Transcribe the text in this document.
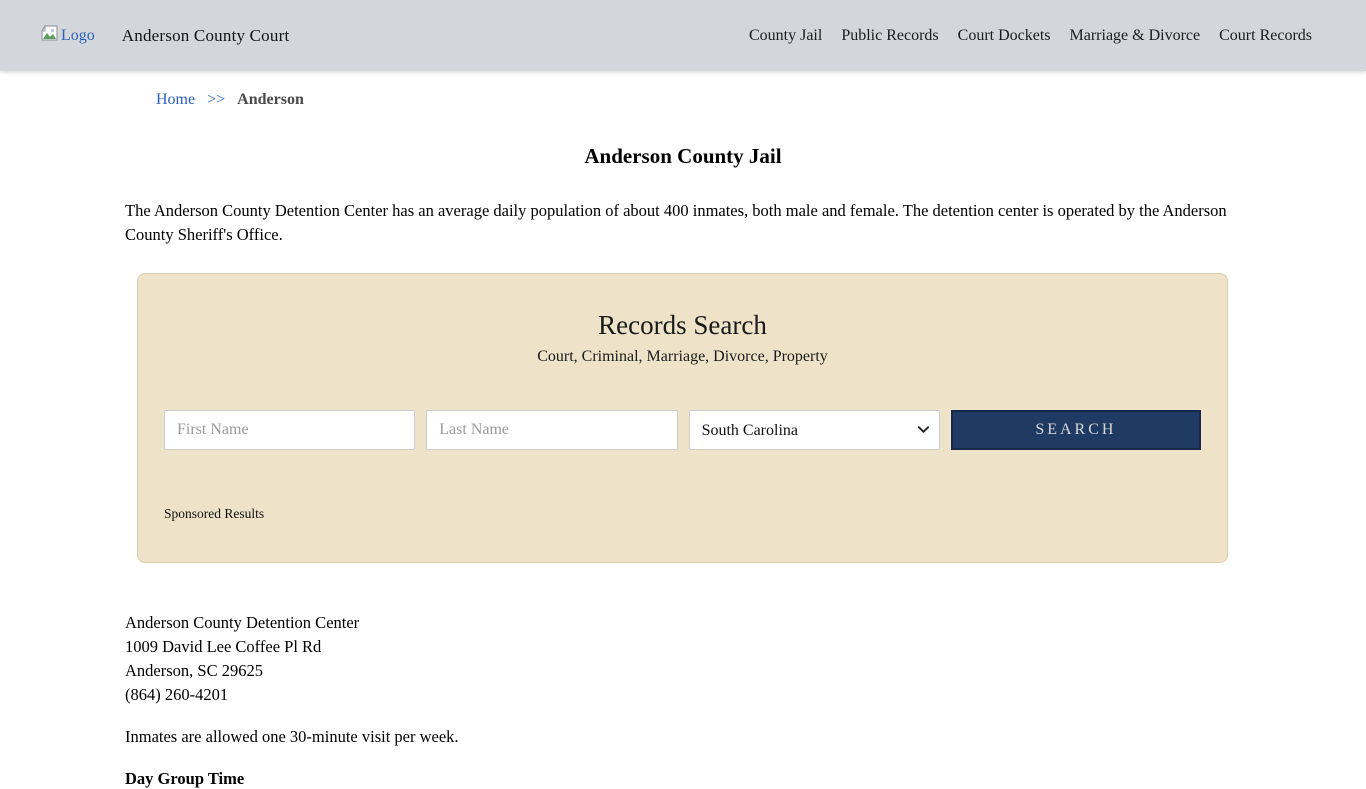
Logo Anderson County Court	County Jail Public Records Court Dockets Marriage & Divorce Court Records
Home >> Anderson
Anderson County Jail

The Anderson County Detention Center has an average daily population of about 400 inmates, both male and female. The detention center is operated by the Anderson County Sheriff's Office.

Records Search
Court, Criminal, Marriage, Divorce, Property
First Name
Last Name
South Carolina
SEARCH
Sponsored Results
Anderson County Detention Center
1009 David Lee Coffee Pl Rd
Anderson, SC 29625
(864) 260-4201

Inmates are allowed one 30-minute visit per week.

Day Group Time
